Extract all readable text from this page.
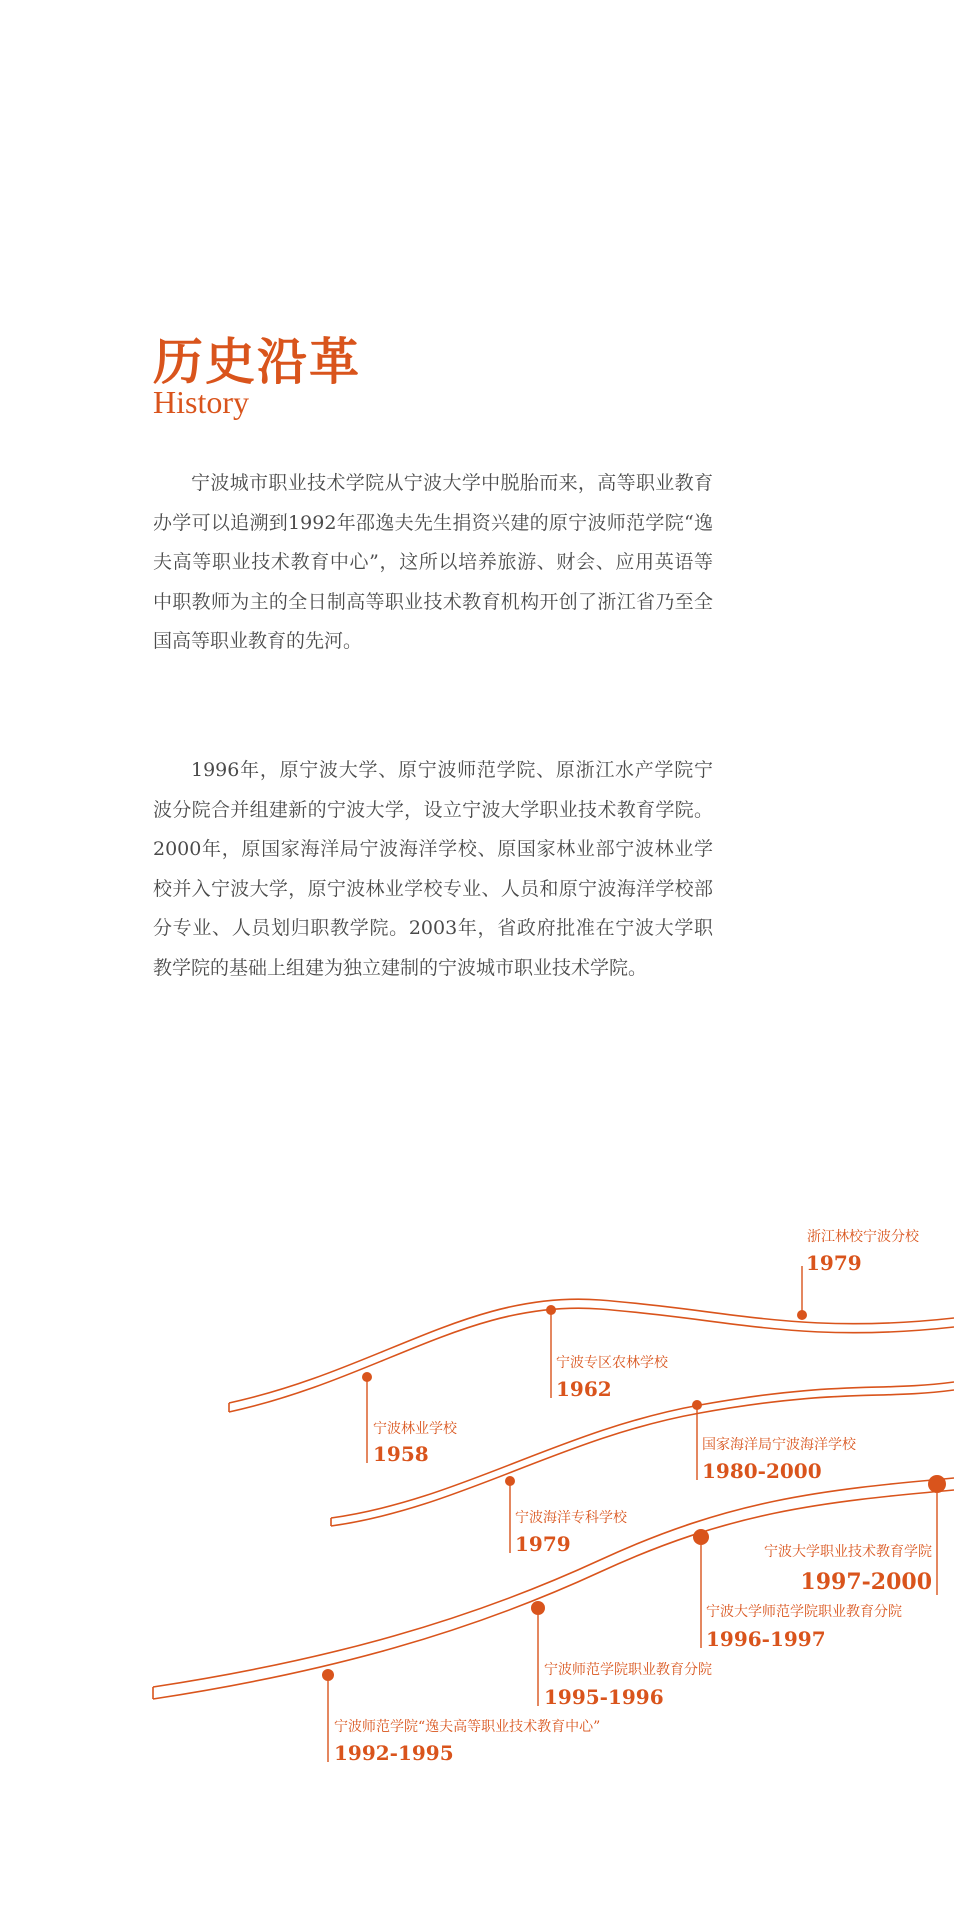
历史沿革
History

宁波城市职业技术学院从宁波大学中脱胎而来，高等职业教育办学可以追溯到1992年邵逸夫先生捐资兴建的原宁波师范学院“逸夫高等职业技术教育中心”，这所以培养旅游、财会、应用英语等中职教师为主的全日制高等职业技术教育机构开创了浙江省乃至全国高等职业教育的先河。

1996年，原宁波大学、原宁波师范学院、原浙江水产学院宁波分院合并组建新的宁波大学，设立宁波大学职业技术教育学院。2000年，原国家海洋局宁波海洋学校、原国家林业部宁波林业学校并入宁波大学，原宁波林业学校专业、人员和原宁波海洋学校部分专业、人员划归职教学院。2003年，省政府批准在宁波大学职教学院的基础上组建为独立建制的宁波城市职业技术学院。

浙江林校宁波分校
1979
宁波专区农林学校
1962
宁波林业学校
1958	国家海洋局宁波海洋学校
1980-2000
宁波海洋专科学校
1979	宁波大学职业技术教育学院
1997-2000
宁波大学师范学院职业教育分院
1996-1997
宁波师范学院职业教育分院
1995-1996
宁波师范学院“逸夫高等职业技术教育中心”
1992-1995
